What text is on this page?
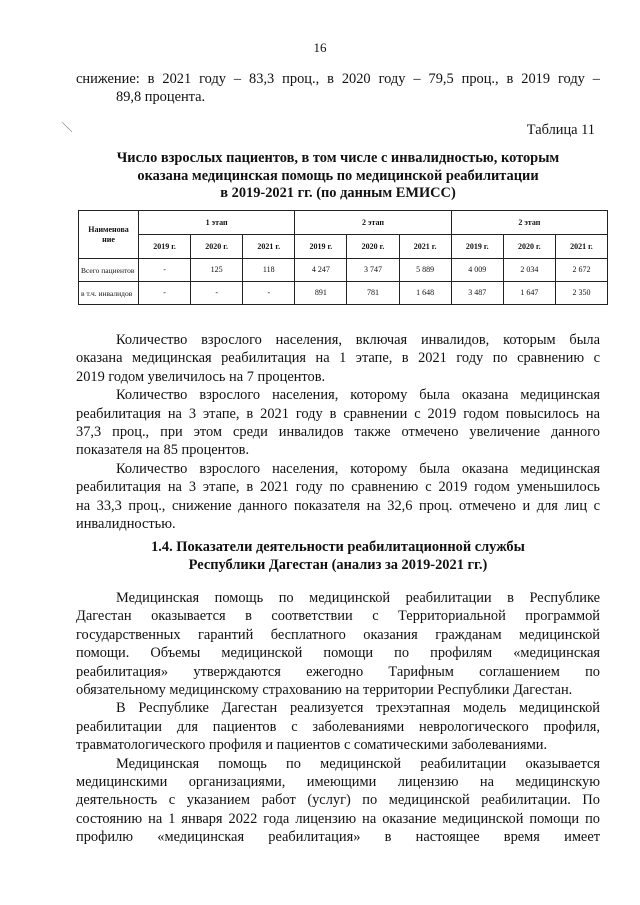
16
снижение: в 2021 году – 83,3 проц., в 2020 году – 79,5 проц., в 2019 году –
89,8 процента.
Таблица 11
Число взрослых пациентов, в том числе с инвалидностью, которым
оказана медицинская помощь по медицинской реабилитации
в 2019-2021 гг. (по данным ЕМИСС)
Наименова ние	1 этап			2 этап			2 этап		
	2019 г.	2020 г.	2021 г.	2019 г.	2020 г.	2021 г.	2019 г.	2020 г.	2021 г.
Всего пациентов	-	125	118	4 247	3 747	5 889	4 009	2 034	2 672
в т.ч. инвалидов	-	-	-	891	781	1 648	3 487	1 647	2 350
Количество взрослого населения, включая инвалидов, которым была
оказана медицинская реабилитация на 1 этапе, в 2021 году по сравнению с
2019 годом увеличилось на 7 процентов.
Количество взрослого населения, которому была оказана медицинская
реабилитация на 3 этапе, в 2021 году в сравнении с 2019 годом повысилось на
37,3 проц., при этом среди инвалидов также отмечено увеличение данного
показателя на 85 процентов.
Количество взрослого населения, которому была оказана медицинская
реабилитация на 3 этапе, в 2021 году по сравнению с 2019 годом уменьшилось
на 33,3 проц., снижение данного показателя на 32,6 проц. отмечено и для лиц с
инвалидностью.
1.4. Показатели деятельности реабилитационной службы
Республики Дагестан (анализ за 2019-2021 гг.)
Медицинская помощь по медицинской реабилитации в Республике
Дагестан оказывается в соответствии с Территориальной программой
государственных гарантий бесплатного оказания гражданам медицинской
помощи. Объемы медицинской помощи по профилям «медицинская
реабилитация» утверждаются ежегодно Тарифным соглашением по
обязательному медицинскому страхованию на территории Республики Дагестан.
В Республике Дагестан реализуется трехэтапная модель медицинской
реабилитации для пациентов с заболеваниями неврологического профиля,
травматологического профиля и пациентов с соматическими заболеваниями.
Медицинская помощь по медицинской реабилитации оказывается
медицинскими организациями, имеющими лицензию на медицинскую
деятельность с указанием работ (услуг) по медицинской реабилитации. По
состоянию на 1 января 2022 года лицензию на оказание медицинской помощи по
профилю «медицинская реабилитация» в настоящее время имеет
